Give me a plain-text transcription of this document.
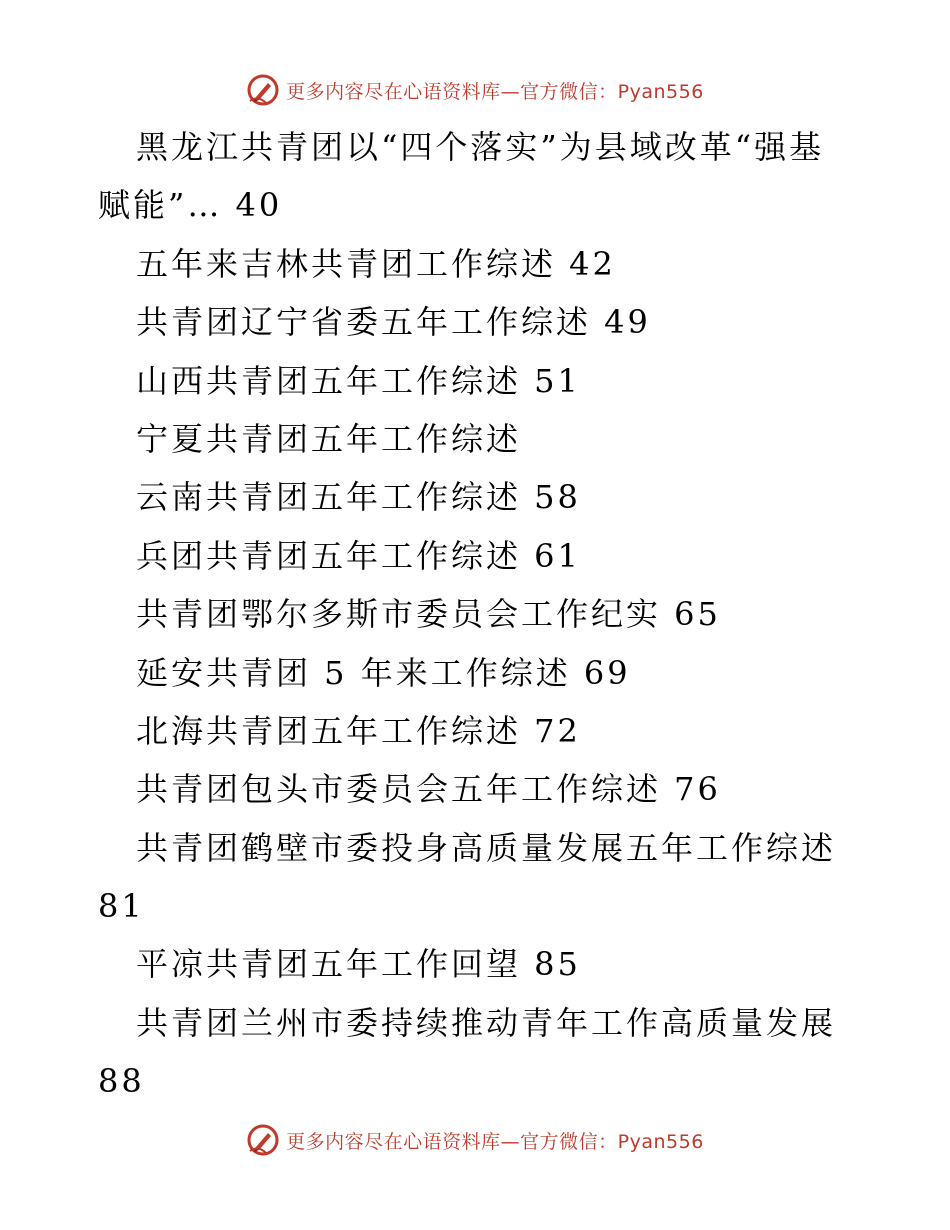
更多内容尽在心语资料库—官方微信：Pyan556
黑龙江共青团以“四个落实”为县域改革“强基
赋能”… 40
五年来吉林共青团工作综述 42
共青团辽宁省委五年工作综述 49
山西共青团五年工作综述 51
宁夏共青团五年工作综述
云南共青团五年工作综述 58
兵团共青团五年工作综述 61
共青团鄂尔多斯市委员会工作纪实 65
延安共青团 5 年来工作综述 69
北海共青团五年工作综述 72
共青团包头市委员会五年工作综述 76
共青团鹤壁市委投身高质量发展五年工作综述
81
平凉共青团五年工作回望 85
共青团兰州市委持续推动青年工作高质量发展
88
更多内容尽在心语资料库—官方微信：Pyan556
